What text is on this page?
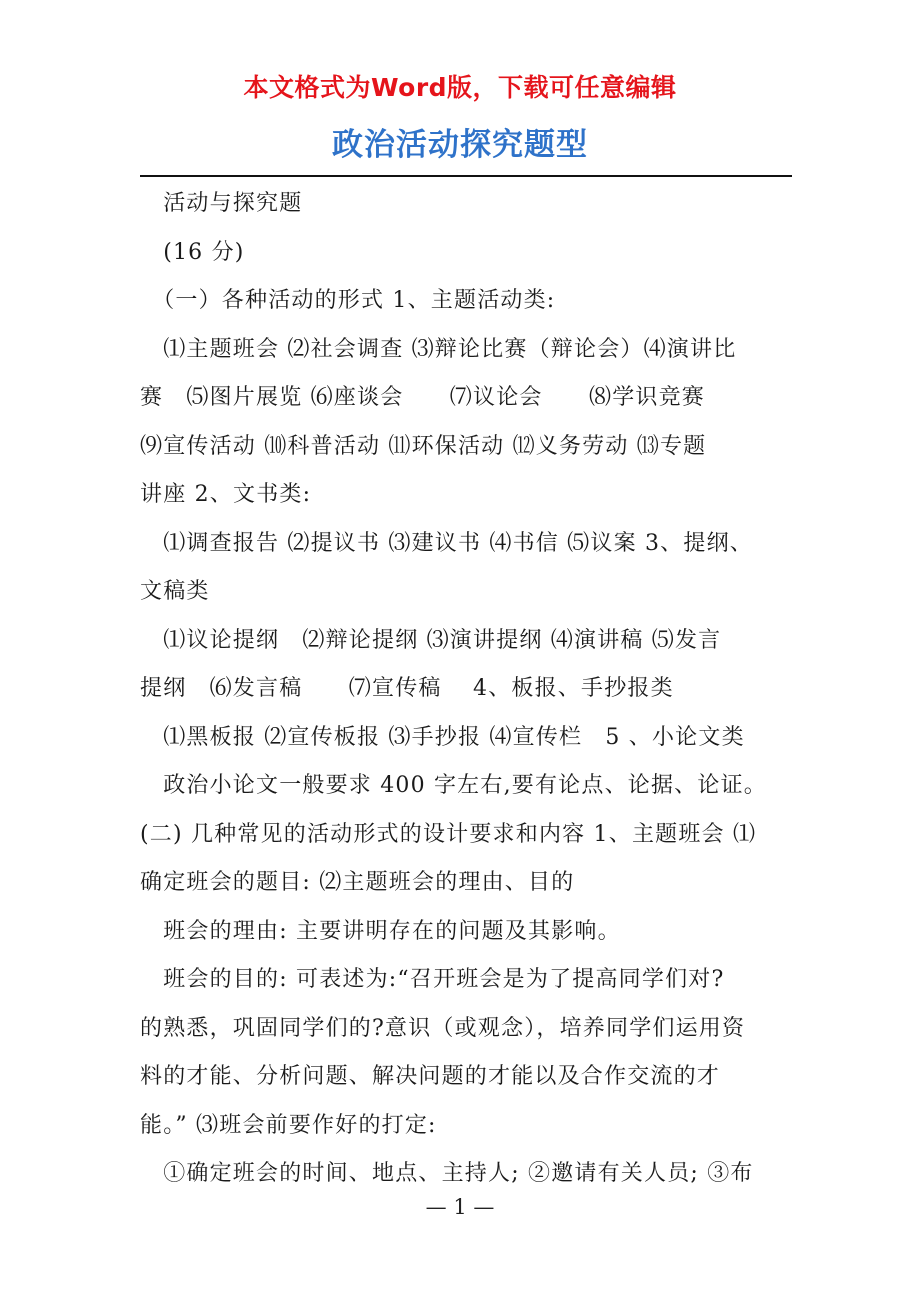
本文格式为Word版，下载可任意编辑
政治活动探究题型

　活动与探究题

　(16 分)

　（一）各种活动的形式 1、主题活动类:

　⑴主题班会 ⑵社会调查 ⑶辩论比赛（辩论会）⑷演讲比

赛　⑸图片展览 ⑹座谈会　　⑺议论会　　⑻学识竞赛

⑼宣传活动 ⑽科普活动 ⑾环保活动 ⑿义务劳动 ⒀专题

讲座 2、文书类:

　⑴调查报告 ⑵提议书 ⑶建议书 ⑷书信 ⑸议案 3、提纲、

文稿类

　⑴议论提纲　⑵辩论提纲 ⑶演讲提纲 ⑷演讲稿 ⑸发言

提纲　⑹发言稿　　⑺宣传稿　 4、板报、手抄报类

　⑴黑板报 ⑵宣传板报 ⑶手抄报 ⑷宣传栏　5 、小论文类

　政治小论文一般要求 400 字左右,要有论点、论据、论证。

(二) 几种常见的活动形式的设计要求和内容 1、主题班会 ⑴

确定班会的题目: ⑵主题班会的理由、目的

　班会的理由: 主要讲明存在的问题及其影响。

　班会的目的: 可表述为:“召开班会是为了提高同学们对?

的熟悉，巩固同学们的?意识（或观念），培养同学们运用资

料的才能、分析问题、解决问题的才能以及合作交流的才

能。” ⑶班会前要作好的打定:

　①确定班会的时间、地点、主持人; ②邀请有关人员; ③布

— 1 —
